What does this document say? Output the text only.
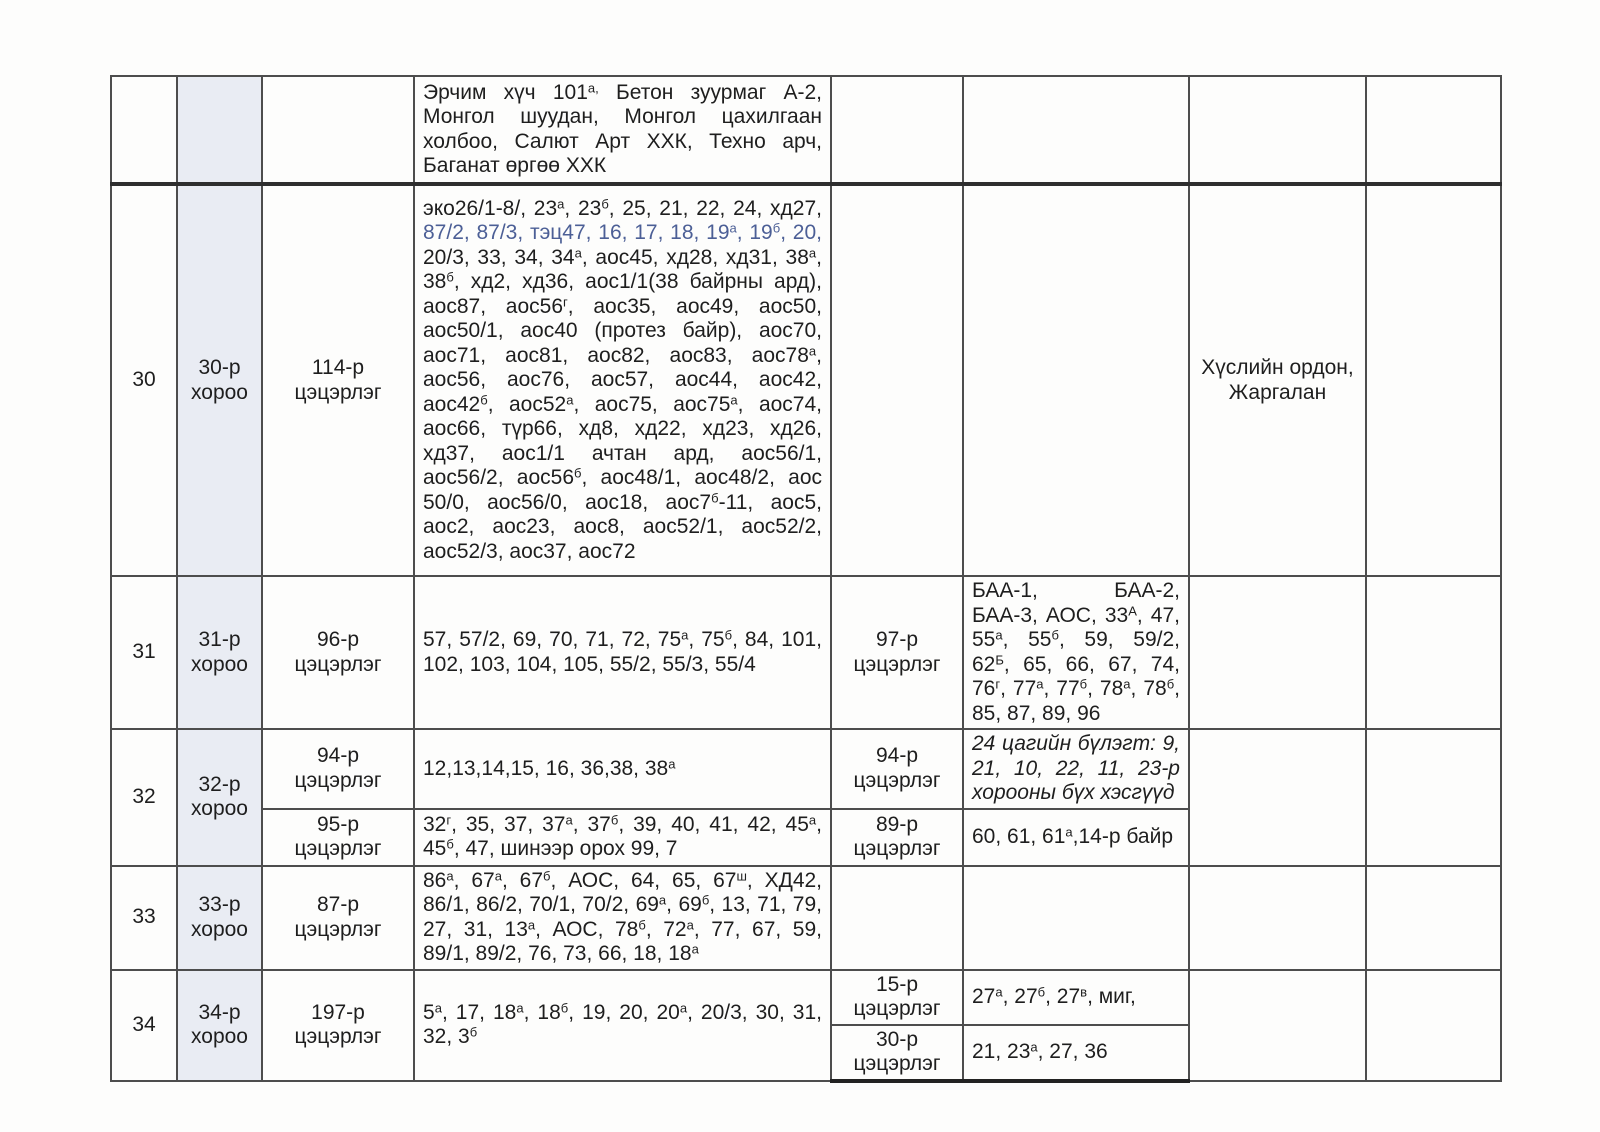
			Эрчим хүч $101^{а,}$ Бетон зуурмаг А-2, Монгол шуудан, Монгол цахилгаан холбоо, Салют Арт ХХК, Техно арч, Баганат өргөө ХХК				
30	30-р хороо	114-р цэцэрлэг	эко26/1-8/, $23^а$, $23^б$, 25, 21, 22, 24, хд27, 87/2, 87/3, тэц47, 16, 17, 18, $19^а$, $19^б$, 20, 20/3, 33, 34, $34^а$, аос45, хд28, хд31, $38^а$, $38^б$, хд2, хд36, аос1/1(38 байрны ард), аос87, $аос56^г$, аос35, аос49, аос50, аос50/1, аос40 (протез байр), аос70, аос71, аос81, аос82, аос83, $аос78^а$, аос56, аос76, аос57, аос44, аос42, $аос42^б$, $аос52^а$, аос75, $аос75^а$, аос74, аос66, түр66, хд8, хд22, хд23, хд26, хд37, аос1/1 ачтан ард, аос56/1, аос56/2, $аос56^б$, аос48/1, аос48/2, аос 50/0, аос56/0, аос18, $аос7^б-11$, аос5, аос2, аос23, аос8, аос52/1, аос52/2, аос52/3, аос37, аос72			Хүслийн ордон, Жаргалан	
31	31-р хороо	96-р цэцэрлэг	57, 57/2, 69, 70, 71, 72, $75^а$, $75^б$, 84, 101, 102, 103, 104, 105, 55/2, 55/3, 55/4	97-р цэцэрлэг	БАА-1, БАА-2, БАА-3, АОС, $33^А$, 47, $55^а$, $55^б$, 59, 59/2, $62^Б$, 65, 66, 67, 74, $76^г$, $77^а$, $77^б$, $78^а$, $78^б$, 85, 87, 89, 96		
32	32-р хороо	94-р цэцэрлэг	12,13,14,15, 16, 36,38, $38^а$	94-р цэцэрлэг	24 цагийн бүлэгт: 9, 21, 10, 22, 11, 23-р хорооны бүх хэсгүүд		
		95-р цэцэрлэг	$32^г$, 35, 37, $37^а$, $37^б$, 39, 40, 41, 42, $45^а$, $45^б$, 47, шинээр орох 99, 7	89-р цэцэрлэг	60, 61, $61^а,14-р$ байр		
33	33-р хороо	87-р цэцэрлэг	$86^а$, $67^а$, $67^б$, АОС, 64, 65, $67^ш$, ХД42, 86/1, 86/2, 70/1, 70/2, $69^а$, $69^б$, 13, 71, 79, 27, 31, $13^а$, АОС, $78^б$, $72^а$, 77, 67, 59, 89/1, 89/2, 76, 73, 66, 18, $18^а$				
34	34-р хороо	197-р цэцэрлэг	$5^а$, 17, $18^а$, $18^б$, 19, 20, $20^а$, 20/3, 30, 31, 32, $3^б$	15-р цэцэрлэг	$27^а$, $27^б$, $27^в$, миг,		
				30-р цэцэрлэг	21, $23^а$, 27, 36		
